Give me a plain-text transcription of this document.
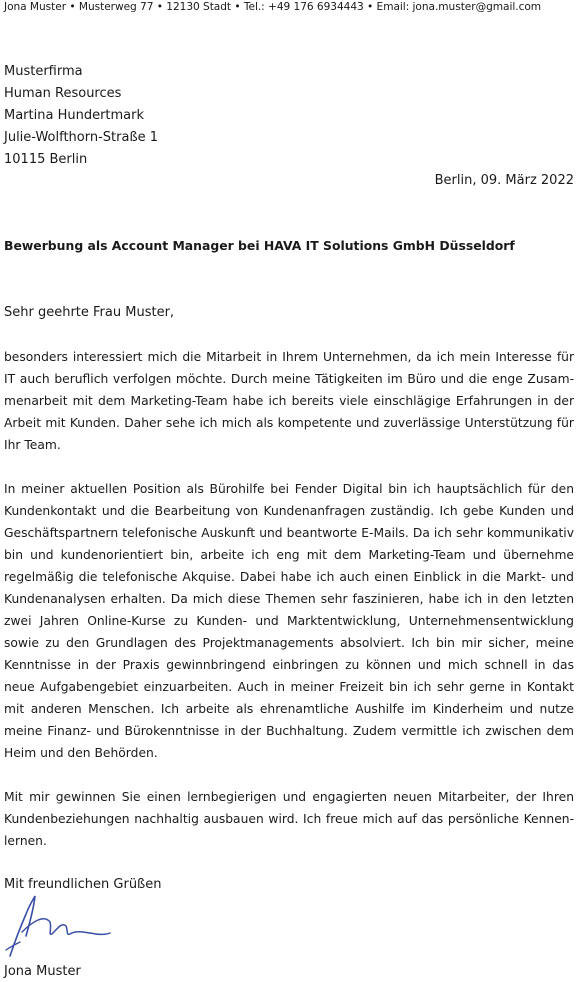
Jona Muster • Musterweg 77 • 12130 Stadt • Tel.: +49 176 6934443 • Email: jona.muster@gmail.com
Musterfirma
Human Resources
Martina Hundertmark
Julie-Wolfthorn-Straße 1
10115 Berlin
Berlin, 09. März 2022
Bewerbung als Account Manager bei HAVA IT Solutions GmbH Düsseldorf
Sehr geehrte Frau Muster,
besonders interessiert mich die Mitarbeit in Ihrem Unternehmen, da ich mein Interesse für IT auch beruflich verfolgen möchte. Durch meine Tätigkeiten im Büro und die enge Zusammenarbeit mit dem Marketing-Team habe ich bereits viele einschlägige Erfahrungen in der Arbeit mit Kunden. Daher sehe ich mich als kompetente und zuverlässige Unterstützung für Ihr Team.
In meiner aktuellen Position als Bürohilfe bei Fender Digital bin ich hauptsächlich für den Kundenkontakt und die Bearbeitung von Kundenanfragen zuständig. Ich gebe Kunden und Geschäftspartnern telefonische Auskunft und beantworte E-Mails. Da ich sehr kommunikativ bin und kundenorientiert bin, arbeite ich eng mit dem Marketing-Team und übernehme regelmäßig die telefonische Akquise. Dabei habe ich auch einen Einblick in die Markt- und Kundenanalysen erhalten. Da mich diese Themen sehr faszinieren, habe ich in den letzten zwei Jahren Online-Kurse zu Kunden- und Marktentwicklung, Unternehmensentwicklung sowie zu den Grundlagen des Projektmanagements absolviert. Ich bin mir sicher, meine Kenntnisse in der Praxis gewinnbringend einbringen zu können und mich schnell in das neue Aufgabengebiet einzuarbeiten. Auch in meiner Freizeit bin ich sehr gerne in Kontakt mit anderen Menschen. Ich arbeite als ehrenamtliche Aushilfe im Kinderheim und nutze meine Finanz- und Bürokenntnisse in der Buchhaltung. Zudem vermittle ich zwischen dem Heim und den Behörden.
Mit mir gewinnen Sie einen lernbegierigen und engagierten neuen Mitarbeiter, der Ihren Kundenbeziehungen nachhaltig ausbauen wird. Ich freue mich auf das persönliche Kennenlernen.
Mit freundlichen Grüßen
Jona Muster
